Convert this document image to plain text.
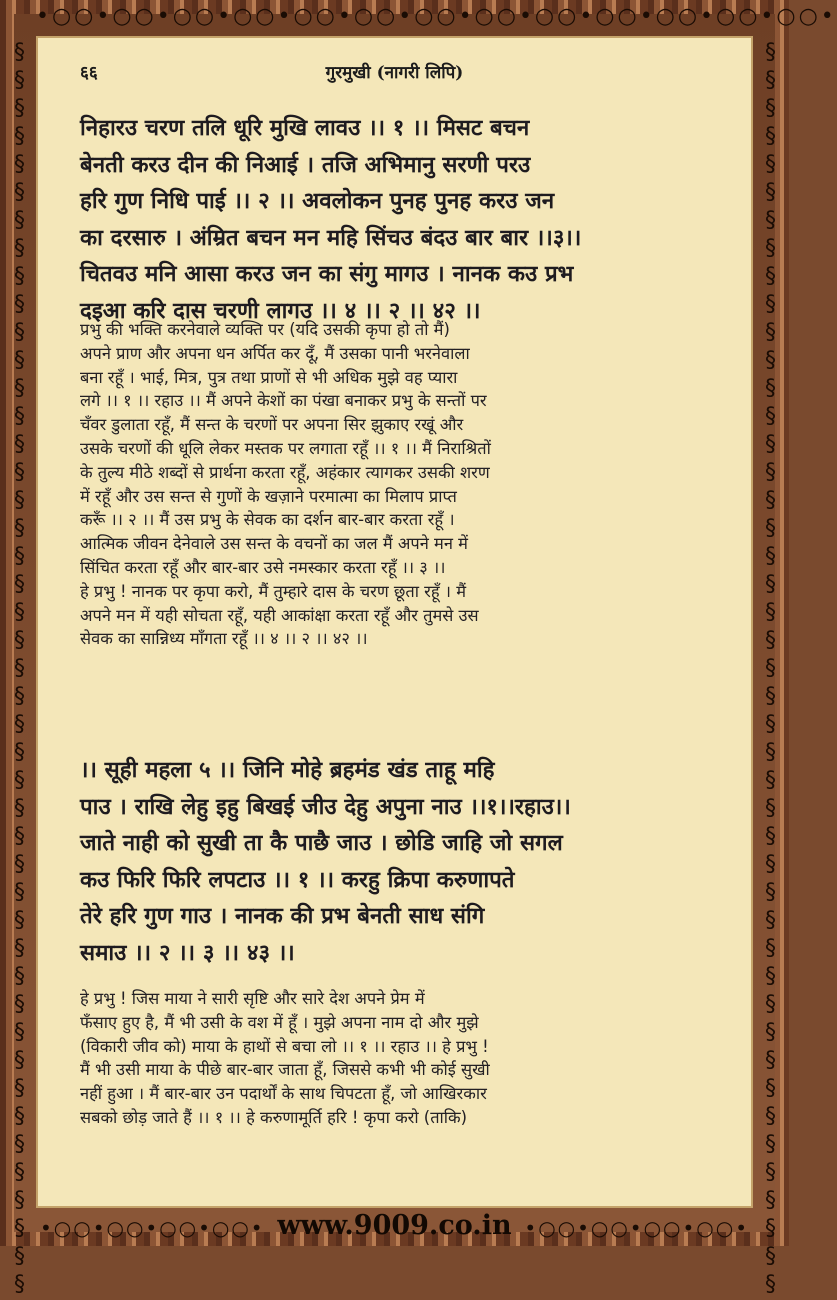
•○○•○○•○○•○○•○○•○○•○○•○○•○○•○○•○○•○○•○○•
§§§§§§§§§§§§§§§§§§§§§§§§§§§§§§§§§§§§§§§§§§§§§	§§§§§§§§§§§§§§§§§§§§§§§§§§§§§§§§§§§§§§§§§§§§§
६६	गुरमुखी (नागरी लिपि)
निहारउ चरण तलि धूरि मुखि लावउ ।। १ ।। मिसट बचन
बेनती करउ दीन की निआई । तजि अभिमानु सरणी परउ
हरि गुण निधि पाई ।। २ ।। अवलोकन पुनह पुनह करउ जन
का दरसारु । अंम्रित बचन मन महि सिंचउ बंदउ बार बार ।।३।।
चितवउ मनि आसा करउ जन का संगु मागउ । नानक कउ प्रभ
दइआ करि दास चरणी लागउ ।। ४ ।। २ ।। ४२ ।।
प्रभु की भक्ति करनेवाले व्यक्ति पर (यदि उसकी कृपा हो तो मैं)
अपने प्राण और अपना धन अर्पित कर दूँ, मैं उसका पानी भरनेवाला
बना रहूँ । भाई, मित्र, पुत्र तथा प्राणों से भी अधिक मुझे वह प्यारा
लगे ।। १ ।। रहाउ ।। मैं अपने केशों का पंखा बनाकर प्रभु के सन्तों पर
चँवर डुलाता रहूँ, मैं सन्त के चरणों पर अपना सिर झुकाए रखूं और
उसके चरणों की धूलि लेकर मस्तक पर लगाता रहूँ ।। १ ।। मैं निराश्रितों
के तुल्य मीठे शब्दों से प्रार्थना करता रहूँ, अहंकार त्यागकर उसकी शरण
में रहूँ और उस सन्त से गुणों के खज़ाने परमात्मा का मिलाप प्राप्त
करूँ ।। २ ।। मैं उस प्रभु के सेवक का दर्शन बार-बार करता रहूँ ।
आत्मिक जीवन देनेवाले उस सन्त के वचनों का जल मैं अपने मन में
सिंचित करता रहूँ और बार-बार उसे नमस्कार करता रहूँ ।। ३ ।।
हे प्रभु ! नानक पर कृपा करो, मैं तुम्हारे दास के चरण छूता रहूँ । मैं
अपने मन में यही सोचता रहूँ, यही आकांक्षा करता रहूँ और तुमसे उस
सेवक का सान्निध्य माँगता रहूँ ।। ४ ।। २ ।। ४२ ।।
।। सूही महला ५ ।। जिनि मोहे ब्रहमंड खंड ताहू महि
पाउ । राखि लेहु इहु बिखई जीउ देहु अपुना नाउ ।।१।।रहाउ।।
जाते नाही को सुखी ता कै पाछै जाउ । छोडि जाहि जो सगल
कउ फिरि फिरि लपटाउ ।। १ ।। करहु क्रिपा करुणापते
तेरे हरि गुण गाउ । नानक की प्रभ बेनती साध संगि
समाउ ।। २ ।। ३ ।। ४३ ।।
हे प्रभु ! जिस माया ने सारी सृष्टि और सारे देश अपने प्रेम में
फँसाए हुए है, मैं भी उसी के वश में हूँ । मुझे अपना नाम दो और मुझे
(विकारी जीव को) माया के हाथों से बचा लो ।। १ ।। रहाउ ।। हे प्रभु !
मैं भी उसी माया के पीछे बार-बार जाता हूँ, जिससे कभी भी कोई सुखी
नहीं हुआ । मैं बार-बार उन पदार्थों के साथ चिपटता हूँ, जो आखिरकार
सबको छोड़ जाते हैं ।। १ ।। हे करुणामूर्ति हरि ! कृपा करो (ताकि)
•○○•○○•○○•○○• www.9009.co.in •○○•○○•○○•○○•
